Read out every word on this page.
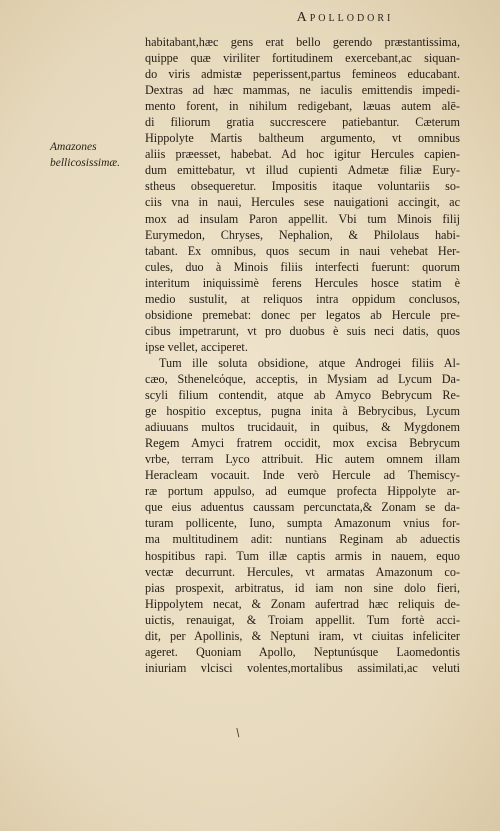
Apollodori
Amazones
bellicosissimæ.
habitabant,hæc gens erat bello gerendo præstantissima,
quippe quæ viriliter fortitudinem exercebant,ac siquan-
do viris admistæ peperissent,partus femineos educabant.
Dextras ad hæc mammas, ne iaculis emittendis impedi-
mento forent, in nihilum redigebant, læuas autem alē-
di filiorum gratia succrescere patiebantur. Cæterum
Hippolyte Martis baltheum argumento, vt omnibus
aliis præesset, habebat. Ad hoc igitur Hercules capien-
dum emittebatur, vt illud cupienti Admetæ filiæ Eury-
stheus obsequeretur. Impositis itaque voluntariis so-
ciis vna in naui, Hercules sese nauigationi accingit, ac
mox ad insulam Paron appellit. Vbi tum Minois filij
Eurymedon, Chryses, Nephalion, & Philolaus habi-
tabant. Ex omnibus, quos secum in naui vehebat Her-
cules, duo à Minois filiis interfecti fuerunt: quorum
interitum iniquissimè ferens Hercules hosce statim è
medio sustulit, at reliquos intra oppidum conclusos,
obsidione premebat: donec per legatos ab Hercule pre-
cibus impetrarunt, vt pro duobus è suis neci datis, quos
ipse vellet, acciperet.
Tum ille soluta obsidione, atque Androgei filiis Al-
cæo, Sthenelєόque, acceptis, in Mysiam ad Lycum Da-
scyli filium contendit, atque ab Amyco Bebrycum Re-
ge hospitio exceptus, pugna inita à Bebrycibus, Lycum
adiuuans multos trucidauit, in quibus, & Mygdonem
Regem Amyci fratrem occidit, mox excisa Bebrycum
vrbe, terram Lyco attribuit. Hic autem omnem illam
Heracleam vocauit. Inde verò Hercule ad Themiscy-
ræ portum appulso, ad eumque profecta Hippolyte ar-
que eius aduentus caussam percunctata,& Zonam se da-
turam pollicente, Iuno, sumpta Amazonum vnius for-
ma multitudinem adit: nuntians Reginam ab aduectis
hospitibus rapi. Tum illæ captis armis in nauem, equo
vectæ decurrunt. Hercules, vt armatas Amazonum co-
pias prospexit, arbitratus, id iam non sine dolo fieri,
Hippolytem necat, & Zonam aufertrad hæc reliquis de-
uictis, renauigat, & Troiam appellit. Tum fortè acci-
dit, per Apollinis, & Neptuni iram, vt ciuitas infeliciter
ageret. Quoniam Apollo, Neptunúsque Laomedontis
iniuriam vlcisci volentes,mortalibus assimilati,ac veluti
/
